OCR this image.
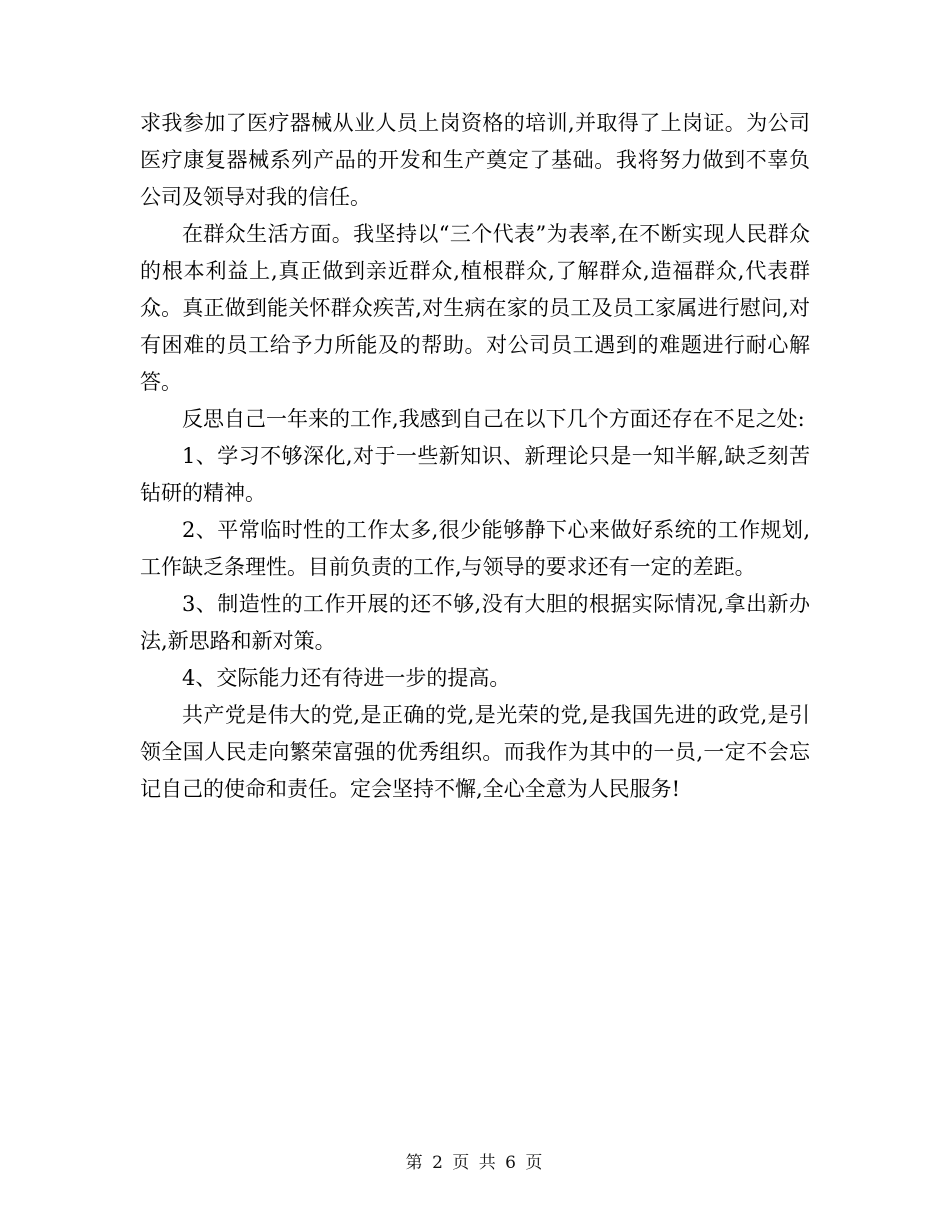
求我参加了医疗器械从业人员上岗资格的培训,并取得了上岗证。为公司医疗康复器械系列产品的开发和生产奠定了基础。我将努力做到不辜负公司及领导对我的信任。

在群众生活方面。我坚持以“三个代表”为表率,在不断实现人民群众的根本利益上,真正做到亲近群众,植根群众,了解群众,造福群众,代表群众。真正做到能关怀群众疾苦,对生病在家的员工及员工家属进行慰问,对有困难的员工给予力所能及的帮助。对公司员工遇到的难题进行耐心解答。

反思自己一年来的工作,我感到自己在以下几个方面还存在不足之处:

1、学习不够深化,对于一些新知识、新理论只是一知半解,缺乏刻苦钻研的精神。

2、平常临时性的工作太多,很少能够静下心来做好系统的工作规划,工作缺乏条理性。目前负责的工作,与领导的要求还有一定的差距。

3、制造性的工作开展的还不够,没有大胆的根据实际情况,拿出新办法,新思路和新对策。

4、交际能力还有待进一步的提高。

共产党是伟大的党,是正确的党,是光荣的党,是我国先进的政党,是引领全国人民走向繁荣富强的优秀组织。而我作为其中的一员,一定不会忘记自己的使命和责任。定会坚持不懈,全心全意为人民服务!

第 2 页 共 6 页
